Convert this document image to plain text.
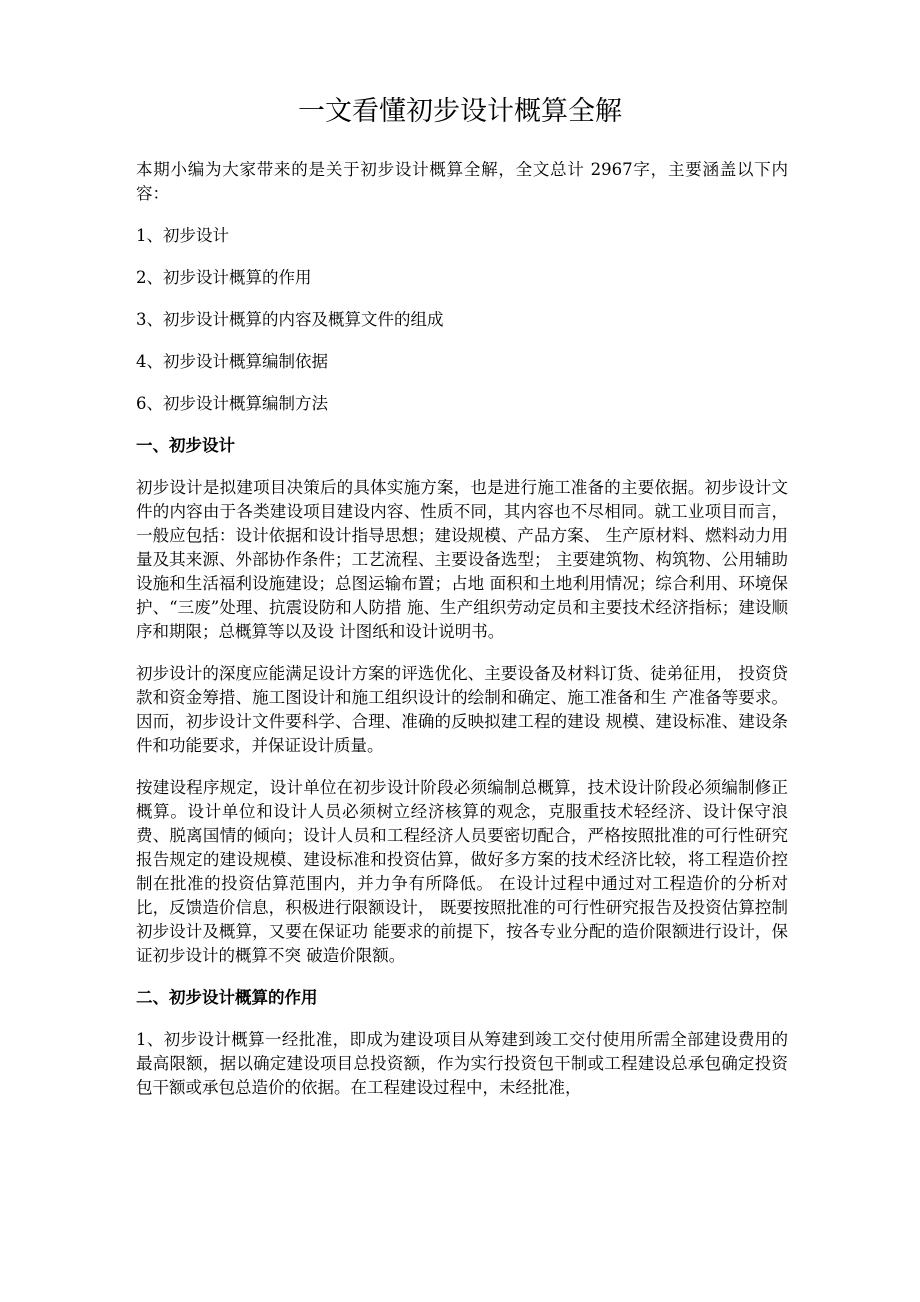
一文看懂初步设计概算全解

本期小编为大家带来的是关于初步设计概算全解，全文总计 2967字，主要涵盖以下内容：

1、初步设计

2、初步设计概算的作用

3、初步设计概算的内容及概算文件的组成

4、初步设计概算编制依据

6、初步设计概算编制方法

一、初步设计

初步设计是拟建项目决策后的具体实施方案，也是进行施工准备的主要依据。初步设计文件的内容由于各类建设项目建设内容、性质不同，其内容也不尽相同。就工业项目而言，一般应包括：设计依据和设计指导思想；建设规模、产品方案、 生产原材料、燃料动力用量及其来源、外部协作条件；工艺流程、主要设备选型； 主要建筑物、构筑物、公用辅助设施和生活福利设施建设；总图运输布置；占地 面积和土地利用情况；综合利用、环境保护、“三废”处理、抗震设防和人防措 施、生产组织劳动定员和主要技术经济指标；建设顺序和期限；总概算等以及设 计图纸和设计说明书。

初步设计的深度应能满足设计方案的评选优化、主要设备及材料订货、徒弟征用， 投资贷款和资金筹措、施工图设计和施工组织设计的绘制和确定、施工准备和生 产准备等要求。因而，初步设计文件要科学、合理、准确的反映拟建工程的建设 规模、建设标准、建设条件和功能要求，并保证设计质量。

按建设程序规定，设计单位在初步设计阶段必须编制总概算，技术设计阶段必须编制修正概算。设计单位和设计人员必须树立经济核算的观念，克服重技术轻经济、设计保守浪费、脱离国情的倾向；设计人员和工程经济人员要密切配合，严格按照批准的可行性研究报告规定的建设规模、建设标准和投资估算，做好多方案的技术经济比较，将工程造价控制在批准的投资估算范围内，并力争有所降低。 在设计过程中通过对工程造价的分析对比，反馈造价信息，积极进行限额设计， 既要按照批准的可行性研究报告及投资估算控制初步设计及概算，又要在保证功 能要求的前提下，按各专业分配的造价限额进行设计，保证初步设计的概算不突 破造价限额。

二、初步设计概算的作用

1、初步设计概算一经批准，即成为建设项目从筹建到竣工交付使用所需全部建设费用的最高限额，据以确定建设项目总投资额，作为实行投资包干制或工程建设总承包确定投资包干额或承包总造价的依据。在工程建设过程中，未经批准，
